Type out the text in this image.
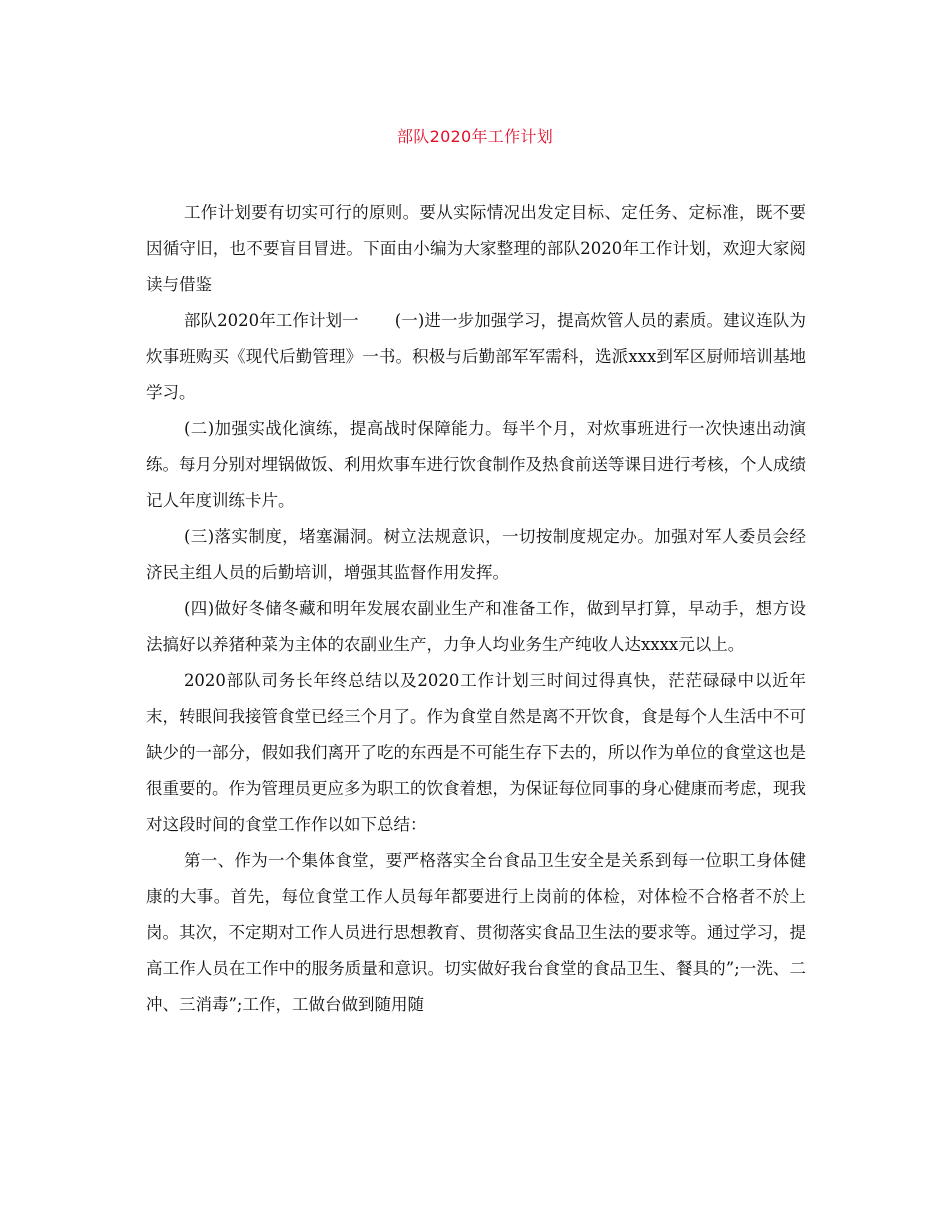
部队2020年工作计划

工作计划要有切实可行的原则。要从实际情况出发定目标、定任务、定标准，既不要因循守旧，也不要盲目冒进。下面由小编为大家整理的部队2020年工作计划，欢迎大家阅读与借鉴

部队2020年工作计划一 (一)进一步加强学习，提高炊管人员的素质。建议连队为炊事班购买《现代后勤管理》一书。积极与后勤部军军需科，选派xxx到军区厨师培训基地学习。

(二)加强实战化演练，提高战时保障能力。每半个月，对炊事班进行一次快速出动演练。每月分别对埋锅做饭、利用炊事车进行饮食制作及热食前送等课目进行考核，个人成绩记人年度训练卡片。

(三)落实制度，堵塞漏洞。树立法规意识，一切按制度规定办。加强对军人委员会经济民主组人员的后勤培训，增强其监督作用发挥。

(四)做好冬储冬藏和明年发展农副业生产和准备工作，做到早打算，早动手，想方设法搞好以养猪种菜为主体的农副业生产，力争人均业务生产纯收人达xxxx元以上。

2020部队司务长年终总结以及2020工作计划三时间过得真快，茫茫碌碌中以近年末，转眼间我接管食堂已经三个月了。作为食堂自然是离不开饮食，食是每个人生活中不可缺少的一部分，假如我们离开了吃的东西是不可能生存下去的，所以作为单位的食堂这也是很重要的。作为管理员更应多为职工的饮食着想，为保证每位同事的身心健康而考虑，现我对这段时间的食堂工作作以如下总结：

第一、作为一个集体食堂，要严格落实全台食品卫生安全是关系到每一位职工身体健康的大事。首先，每位食堂工作人员每年都要进行上岗前的体检，对体检不合格者不於上岗。其次，不定期对工作人员进行思想教育、贯彻落实食品卫生法的要求等。通过学习，提高工作人员在工作中的服务质量和意识。切实做好我台食堂的食品卫生、餐具的”;一洗、二冲、三消毒”;工作，工做台做到随用随
